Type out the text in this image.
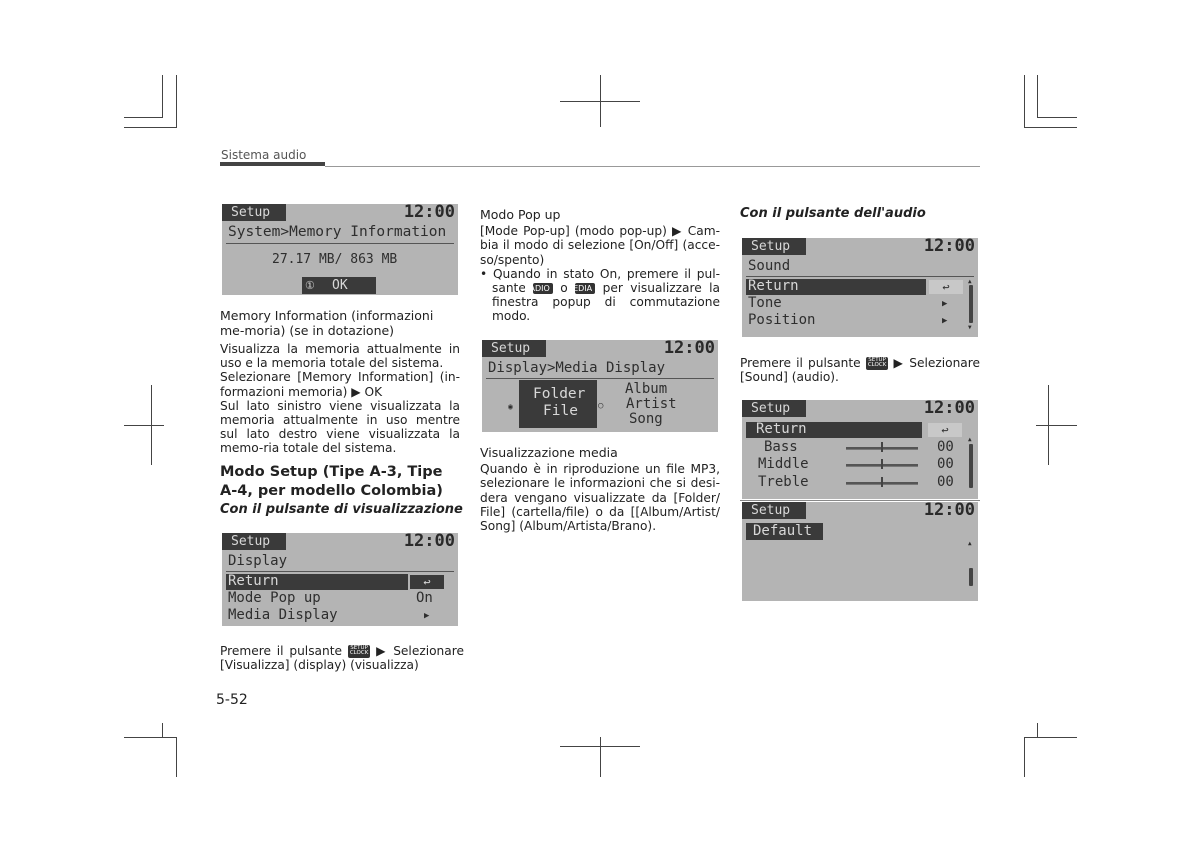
Sistema audio
Setup	12:00
System>Memory Information
27.17 MB/ 863 MB
① OK

Memory Information (informazioni me-moria) (se in dotazione)

Visualizza la memoria attualmente in uso e la memoria totale del sistema.

Selezionare [Memory Information] (in-formazioni memoria) ▶ OK

Sul lato sinistro viene visualizzata la memoria attualmente in uso mentre sul lato destro viene visualizzata la memo-ria totale del sistema.

Modo Setup (Tipe A-3, Tipe A-4, per modello Colombia)

Con il pulsante di visualizzazione

Setup	12:00
Display
Return	↩
Mode Pop up	On
Media Display	▶

Premere il pulsante SETUP
CLOCK ▶ Selezionare [Visualizza] (display) (visualizza)

Modo Pop up

[Mode Pop-up] (modo pop-up) ▶ Cam-bia il modo di selezione [On/Off] (acce-so/spento)

• Quando in stato On, premere il pul-sante RADIO o MEDIA per visualizzare la finestra popup di commutazione modo.

Setup	12:00
Display>Media Display
◉
Folder
File ○
Album
Artist
Song

Visualizzazione media

Quando è in riproduzione un file MP3, selezionare le informazioni che si desi-dera vengano visualizzate da [Folder/ File] (cartella/file) o da [[Album/Artist/ Song] (Album/Artista/Brano).

Con il pulsante dell'audio

Setup	12:00
Sound
Return	↩
Tone	▶
Position	▶
▲
▼

Premere il pulsante SETUP
CLOCK ▶ Selezionare [Sound] (audio).

Setup	12:00
Return	↩
Bass	00
Middle	00
Treble	00
▲
Setup	12:00
Default
▲
5-52
